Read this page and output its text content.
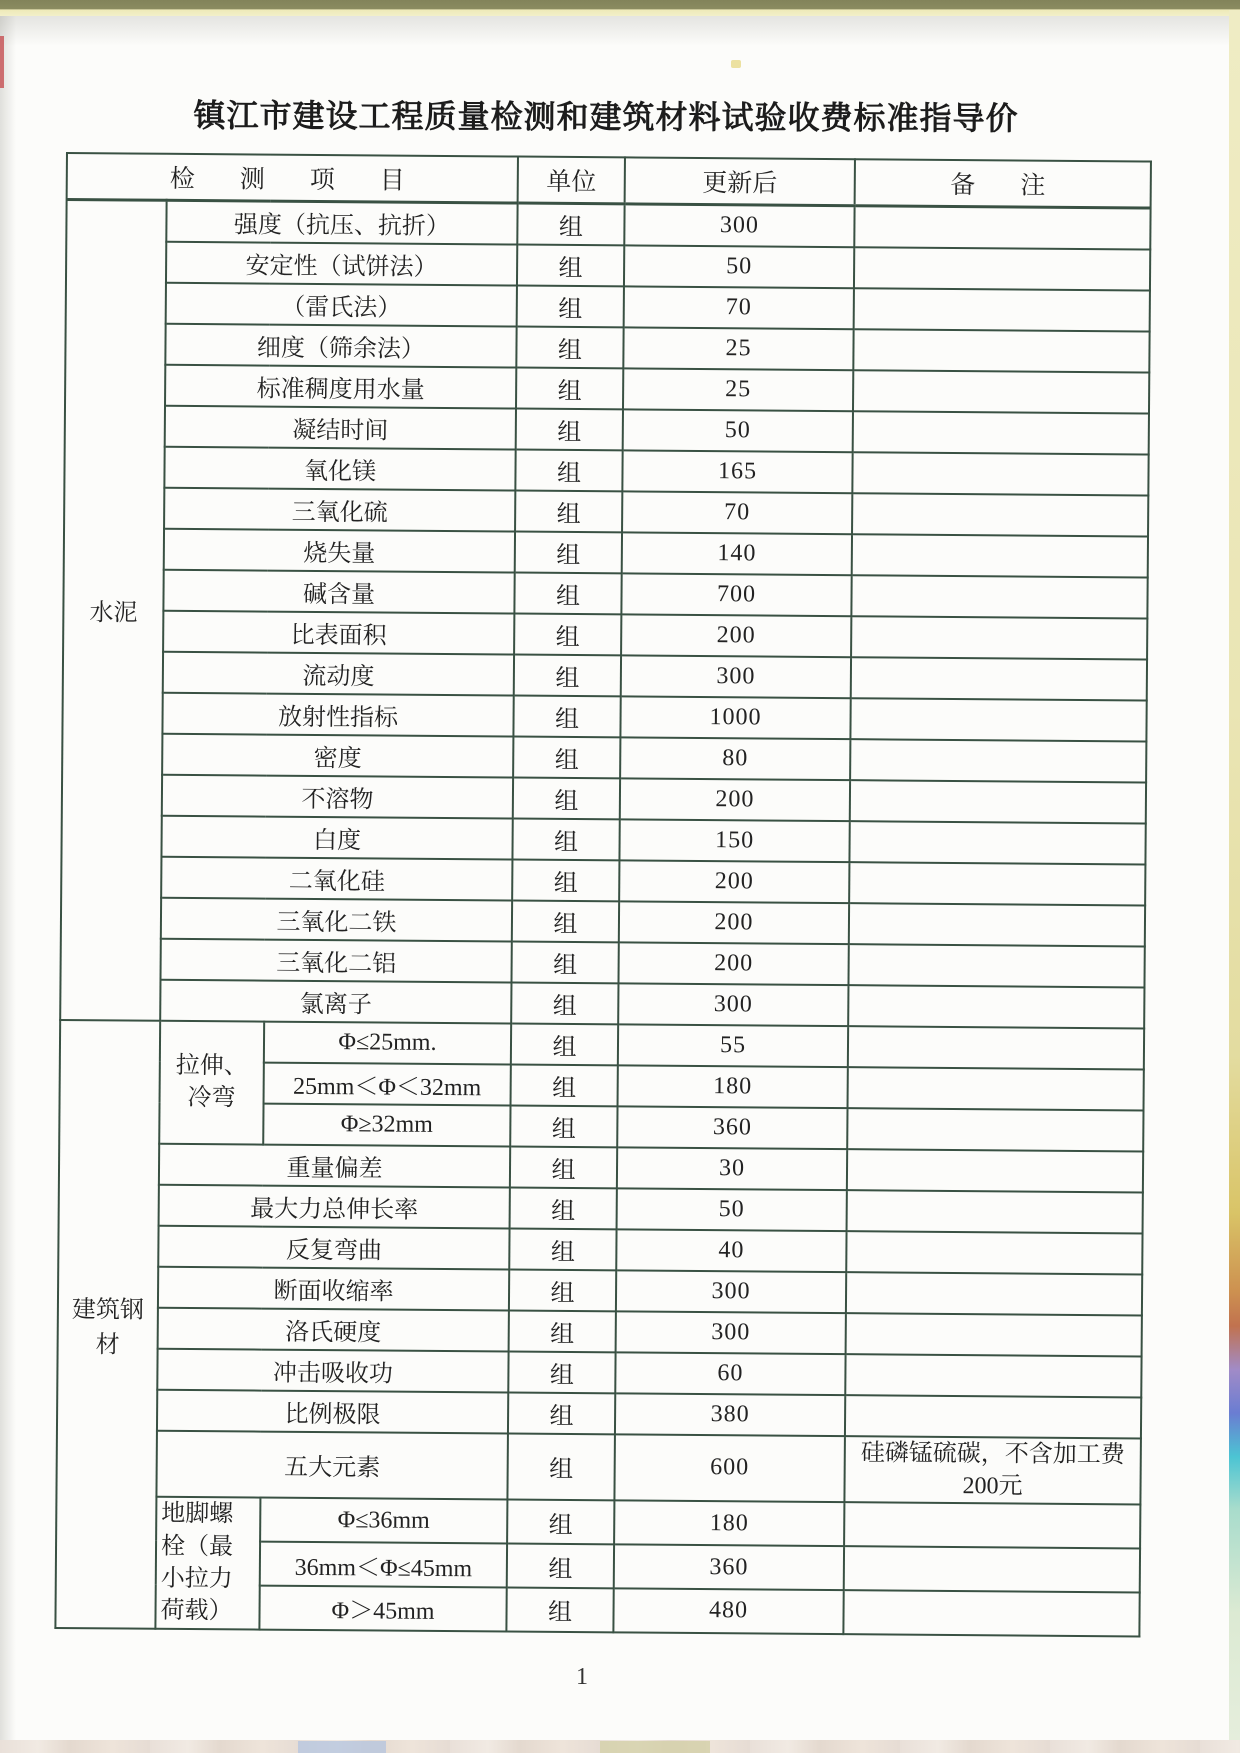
镇江市建设工程质量检测和建筑材料试验收费标准指导价
检　测　项　目			单位	更新后	备　注
水泥	强度（抗压、抗折）		组	300	
	安定性（试饼法）		组	50	
	（雷氏法）		组	70	
	细度（筛余法）		组	25	
	标准稠度用水量		组	25	
	凝结时间		组	50	
	氧化镁		组	165	
	三氧化硫		组	70	
	烧失量		组	140	
	碱含量		组	700	
	比表面积		组	200	
	流动度		组	300	
	放射性指标		组	1000	
	密度		组	80	
	不溶物		组	200	
	白度		组	150	
	二氧化硅		组	200	
	三氧化二铁		组	200	
	三氧化二铝		组	200	
	氯离子		组	300	
建筑钢材	拉伸、冷弯	Φ≤25mm.	组	55	
		25mm＜Φ＜32mm	组	180	
		Φ≥32mm	组	360	
	重量偏差		组	30	
	最大力总伸长率		组	50	
	反复弯曲		组	40	
	断面收缩率		组	300	
	洛氏硬度		组	300	
	冲击吸收功		组	60	
	比例极限		组	380	
	五大元素		组	600	硅磷锰硫碳，不含加工费200元
	地脚螺栓（最小拉力荷载）	Φ≤36mm	组	180	
		36mm＜Φ≤45mm	组	360	
		Φ＞45mm	组	480	
1
